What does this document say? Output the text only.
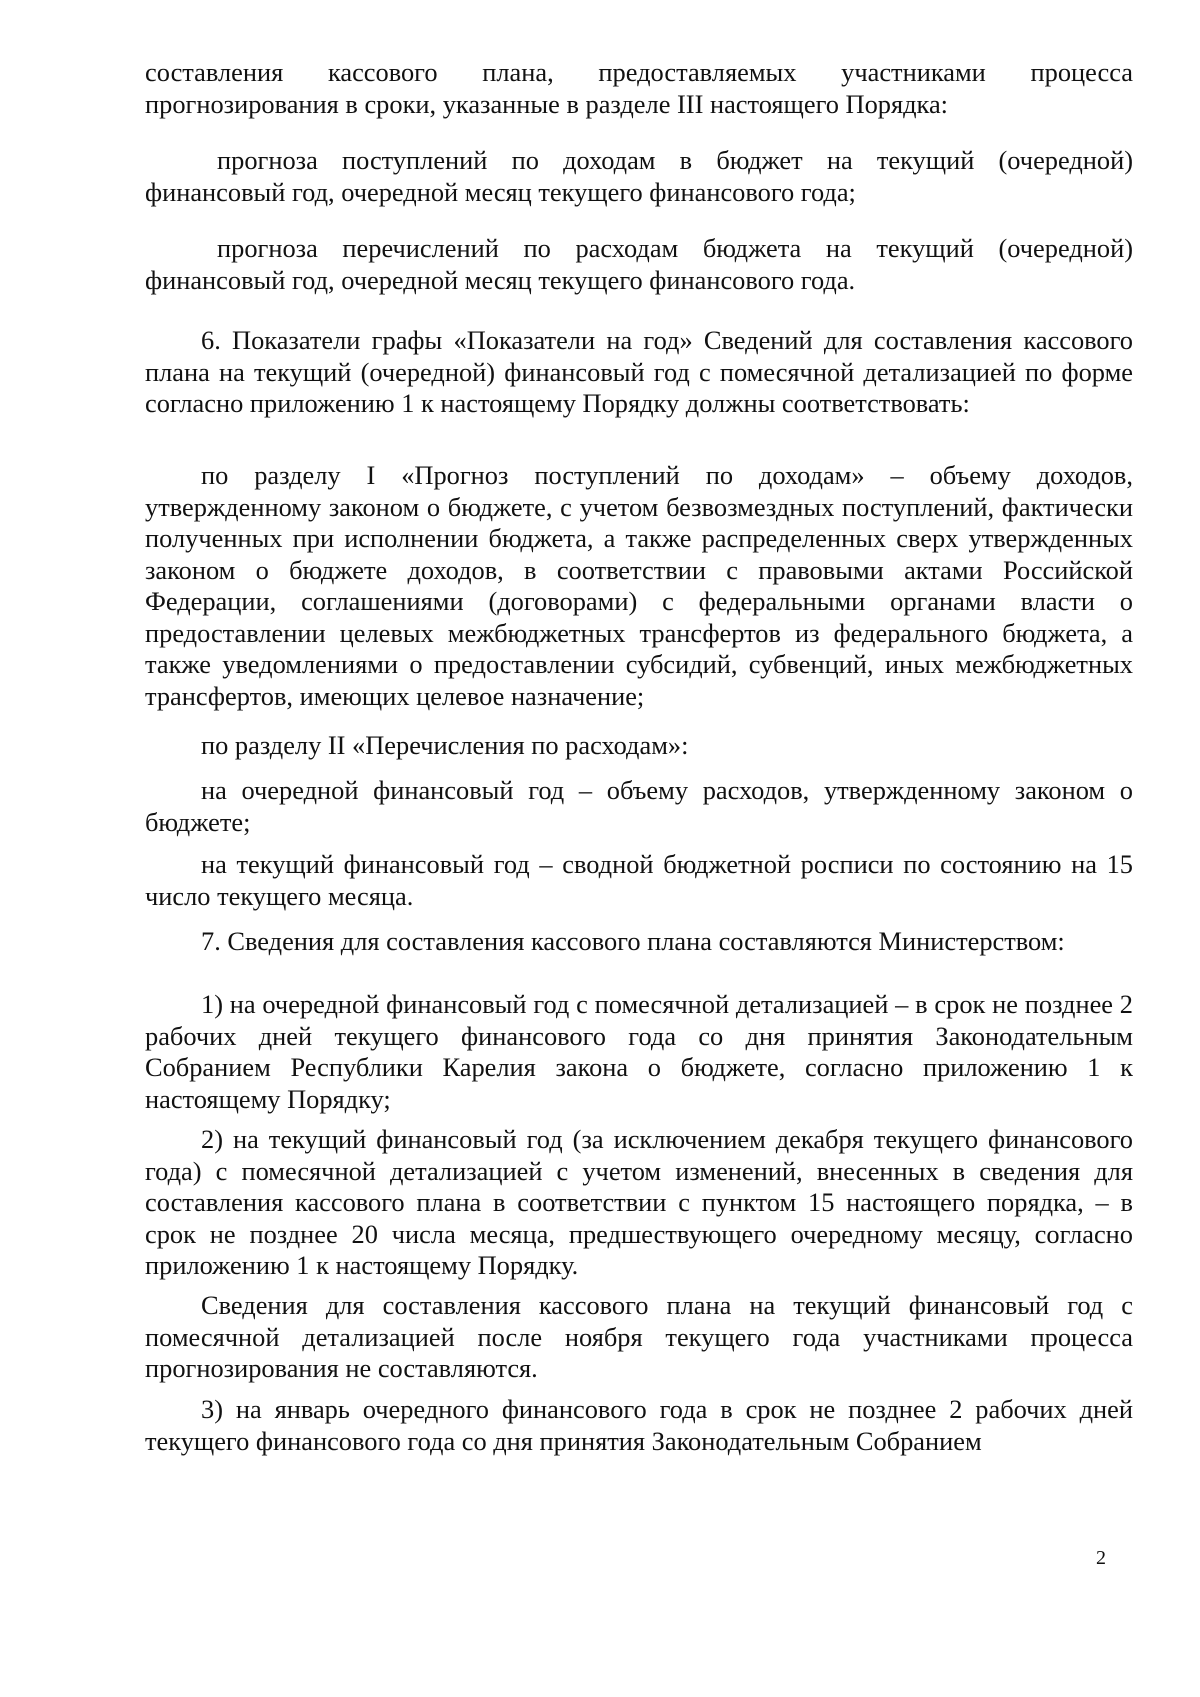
составления кассового плана, предоставляемых участниками процесса прогнозирования в сроки, указанные в разделе III настоящего Порядка:

прогноза поступлений по доходам в бюджет на текущий (очередной) финансовый год, очередной месяц текущего финансового года;

прогноза перечислений по расходам бюджета на текущий (очередной) финансовый год, очередной месяц текущего финансового года.

6. Показатели графы «Показатели на год» Сведений для составления кассового плана на текущий (очередной) финансовый год с помесячной детализацией по форме согласно приложению 1 к настоящему Порядку должны соответствовать:

по разделу I «Прогноз поступлений по доходам» – объему доходов, утвержденному законом о бюджете, с учетом безвозмездных поступлений, фактически полученных при исполнении бюджета, а также распределенных сверх утвержденных законом о бюджете доходов, в соответствии с правовыми актами Российской Федерации, соглашениями (договорами) с федеральными органами власти о предоставлении целевых межбюджетных трансфертов из федерального бюджета, а также уведомлениями о предоставлении субсидий, субвенций, иных межбюджетных трансфертов, имеющих целевое назначение;

по разделу II «Перечисления по расходам»:

на очередной финансовый год – объему расходов, утвержденному законом о бюджете;

на текущий финансовый год – сводной бюджетной росписи по состоянию на 15 число текущего месяца.

7. Сведения для составления кассового плана составляются Министерством:

1) на очередной финансовый год с помесячной детализацией – в срок не позднее 2 рабочих дней текущего финансового года со дня принятия Законодательным Собранием Республики Карелия закона о бюджете, согласно приложению 1 к настоящему Порядку;

2) на текущий финансовый год (за исключением декабря текущего финансового года) с помесячной детализацией с учетом изменений, внесенных в сведения для составления кассового плана в соответствии с пунктом 15 настоящего порядка, – в срок не позднее 20 числа месяца, предшествующего очередному месяцу, согласно приложению 1 к настоящему Порядку.

Сведения для составления кассового плана на текущий финансовый год с помесячной детализацией после ноября текущего года участниками процесса прогнозирования не составляются.

3) на январь очередного финансового года в срок не позднее 2 рабочих дней текущего финансового года со дня принятия Законодательным Собранием

2
